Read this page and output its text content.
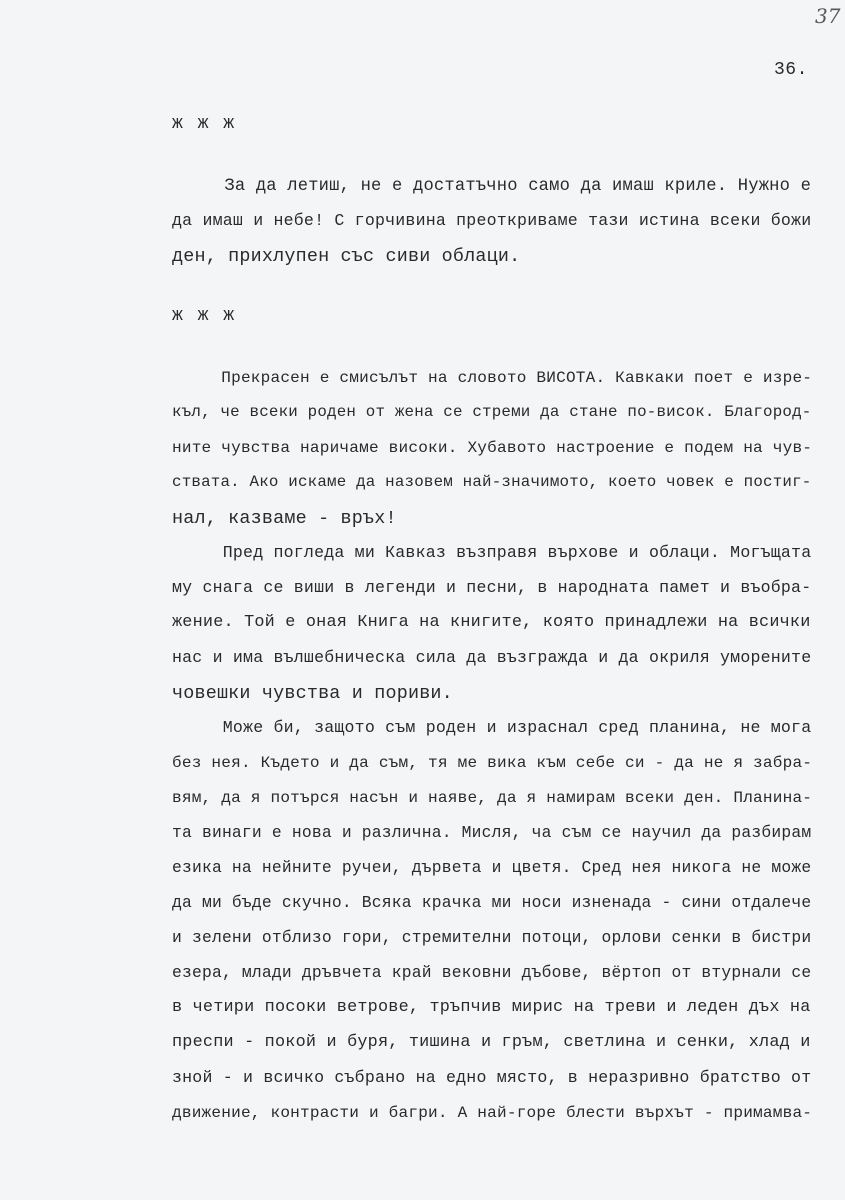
37
36.
ж ж ж
За да летиш, не е достатъчно само да имаш криле. Нужно е
да имаш и небе! С горчивина преоткриваме тази истина всеки божи
ден, прихлупен със сиви облаци.
ж ж ж
Прекрасен е смисълът на словото ВИСОТА. Кавкаки поет е изре-
къл, че всеки роден от жена се стреми да стане по-висок. Благород-
ните чувства наричаме високи. Хубавото настроение е подем на чув-
ствата. Ако искаме да назовем най-значимото, което човек е постиг-
нал, казваме - връх!
Пред погледа ми Кавказ възправя върхове и облаци. Могъщата
му снага се виши в легенди и песни, в народната памет и въобра-
жение. Той е оная Книга на книгите, която принадлежи на всички
нас и има вълшебническа сила да възгражда и да окриля уморените
човешки чувства и пориви.
Може би, защото съм роден и израснал сред планина, не мога
без нея. Където и да съм, тя ме вика към себе си - да не я забра-
вям, да я потърся насън и наяве, да я намирам всеки ден. Планина-
та винаги е нова и различна. Мисля, ча съм се научил да разбирам
езика на нейните ручеи, дървета и цветя. Сред нея никога не може
да ми бъде скучно. Всяка крачка ми носи изненада - сини отдалече
и зелени отблизо гори, стремителни потоци, орлови сенки в бистри
езера, млади дръвчета край вековни дъбове, вёртоп от втурнали се
в четири посоки ветрове, тръпчив мирис на треви и леден дъх на
преспи - покой и буря, тишина и гръм, светлина и сенки, хлад и
зной - и всичко събрано на едно място, в неразривно братство от
движение, контрасти и багри. А най-горе блести върхът - примамва-
